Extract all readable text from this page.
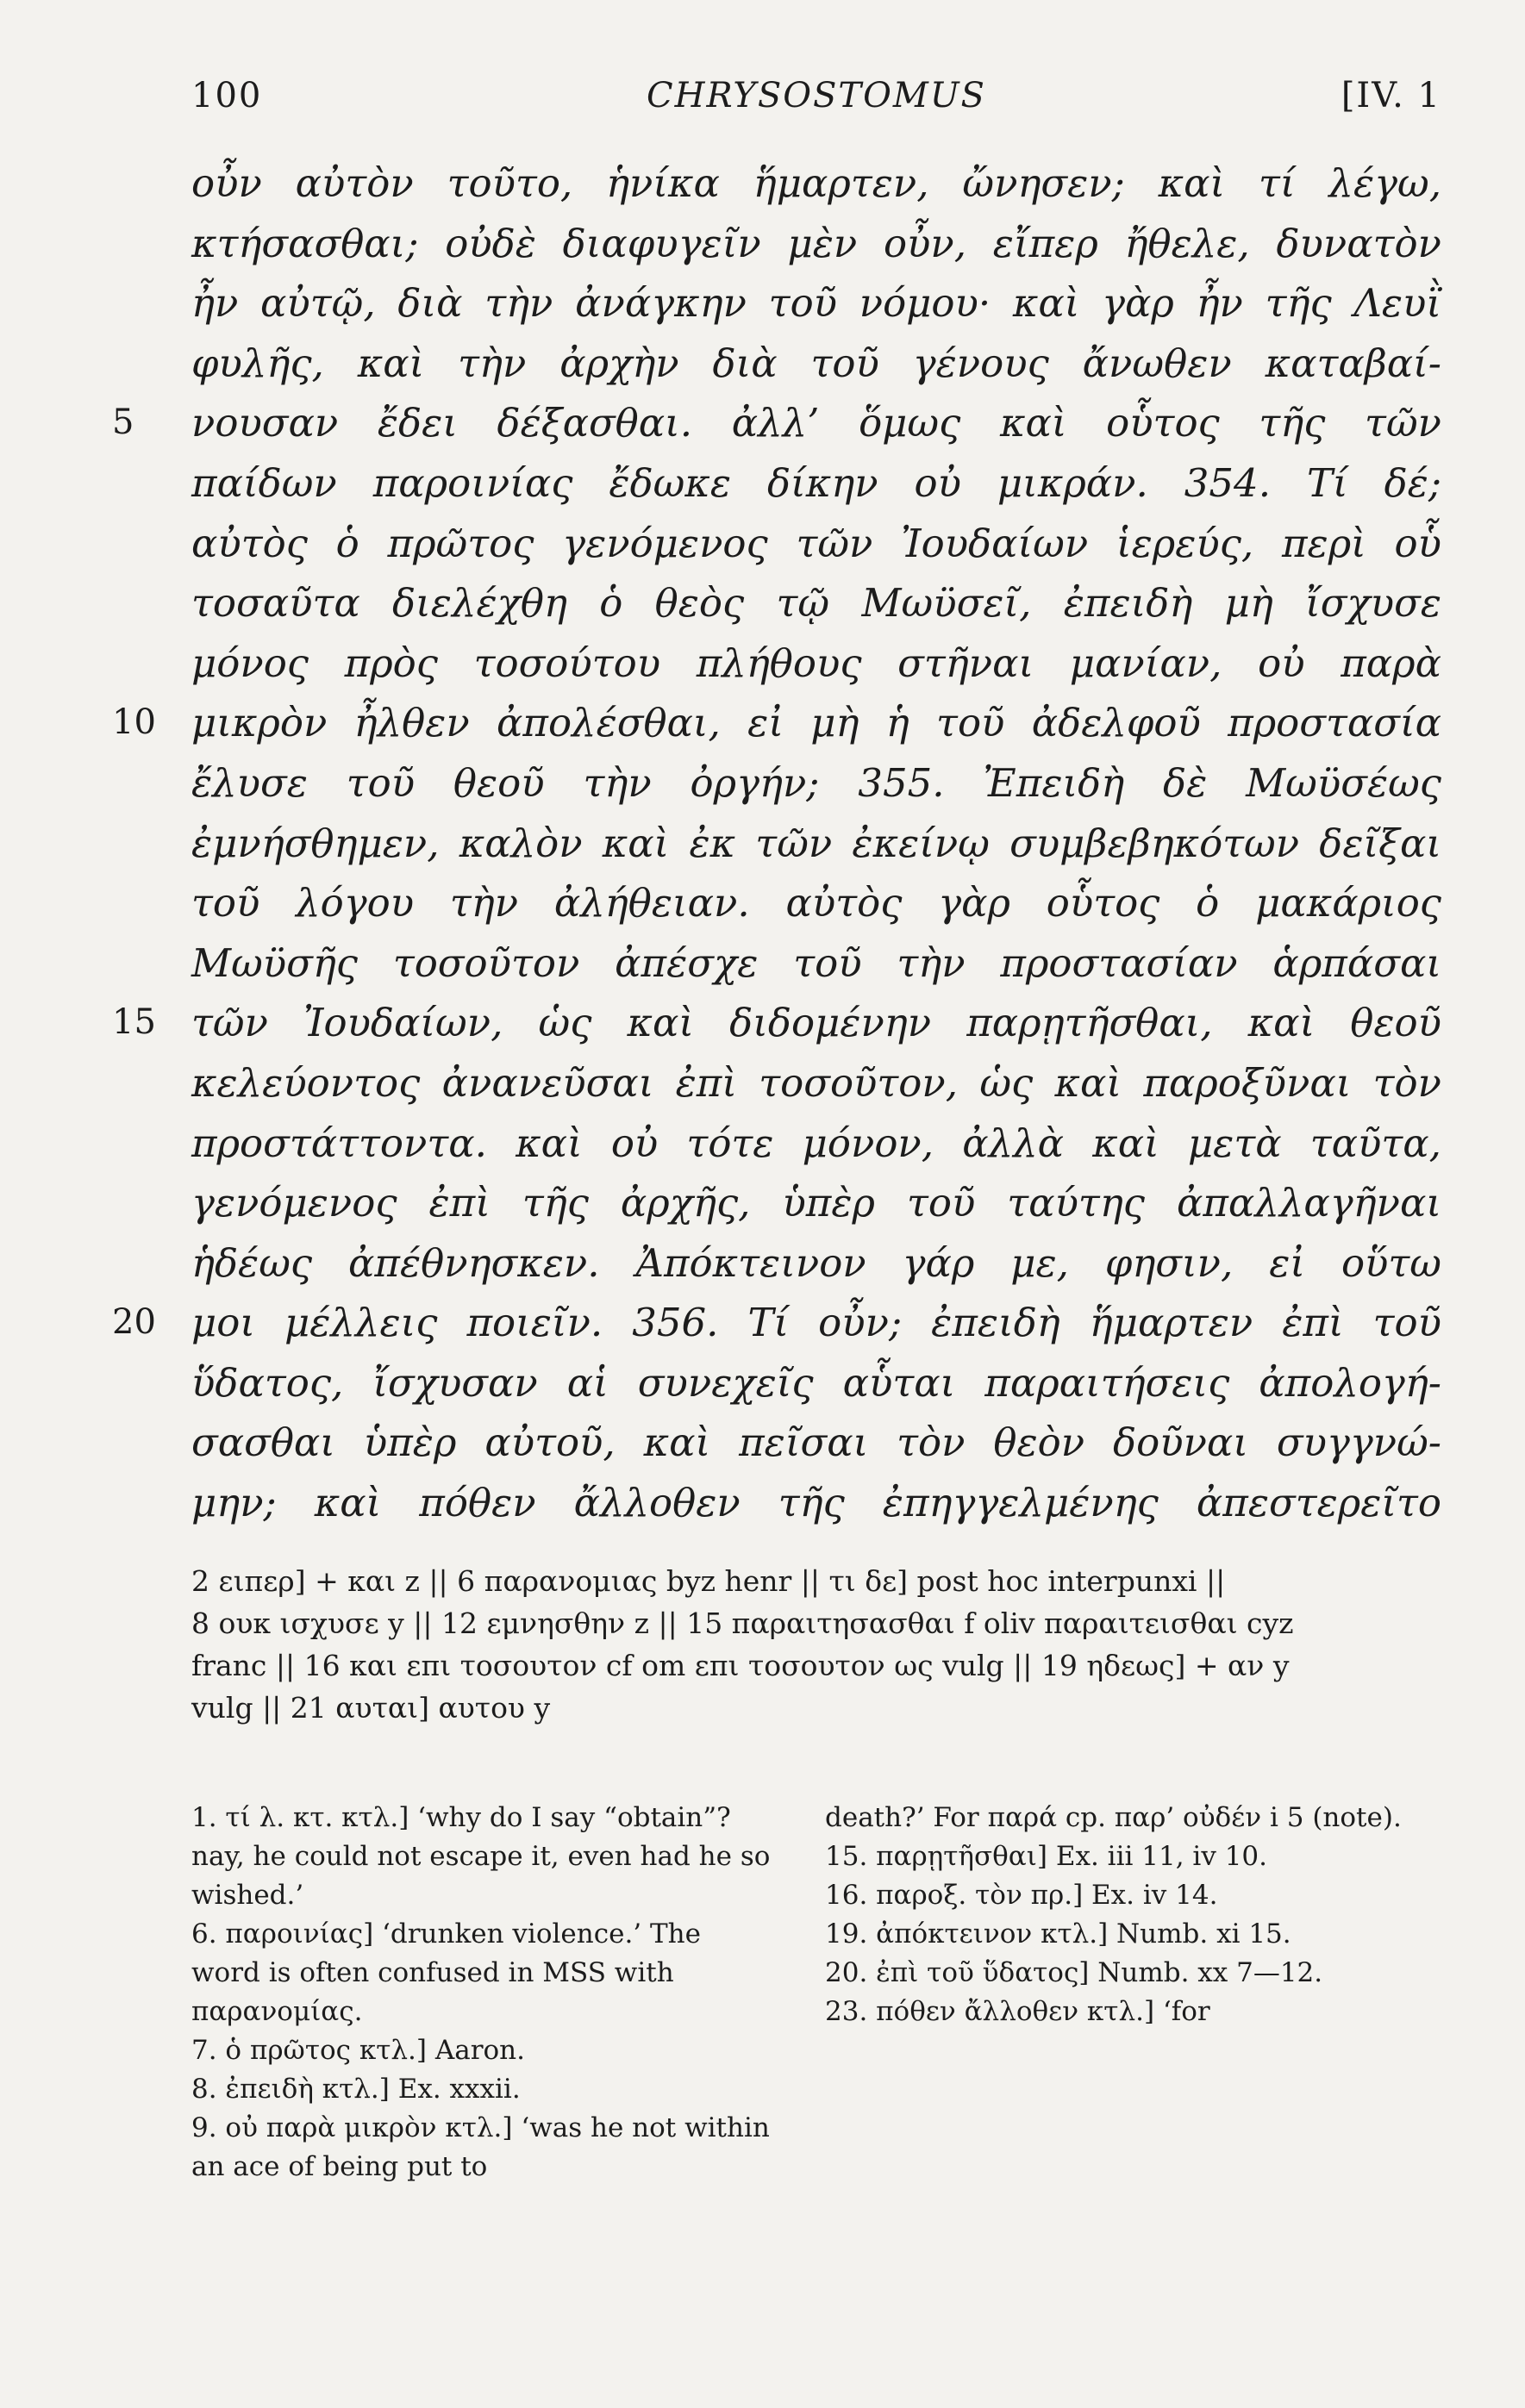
CHRYSOSTOMUS
100	[IV. 1
οὖν αὐτὸν τοῦτο, ἡνίκα ἥμαρτεν, ὤνησεν; καὶ τί λέγω,
κτήσασθαι; οὐδὲ διαφυγεῖν μὲν οὖν, εἴπερ ἤθελε, δυνατὸν
ἦν αὐτῷ, διὰ τὴν ἀνάγκην τοῦ νόμου· καὶ γὰρ ἦν τῆς Λευῒ
φυλῆς, καὶ τὴν ἀρχὴν διὰ τοῦ γένους ἄνωθεν καταβαί-
5	νουσαν ἔδει δέξασθαι. ἀλλ’ ὅμως καὶ οὗτος τῆς τῶν
παίδων παροινίας ἔδωκε δίκην οὐ μικράν. 354. Τί δέ;
αὐτὸς ὁ πρῶτος γενόμενος τῶν Ἰουδαίων ἱερεύς, περὶ οὗ
τοσαῦτα διελέχθη ὁ θεὸς τῷ Μωϋσεῖ, ἐπειδὴ μὴ ἴσχυσε
μόνος πρὸς τοσούτου πλήθους στῆναι μανίαν, οὐ παρὰ
10 μικρὸν ἦλθεν ἀπολέσθαι, εἰ μὴ ἡ τοῦ ἀδελφοῦ προστασία
ἔλυσε τοῦ θεοῦ τὴν ὀργήν; 355. Ἐπειδὴ δὲ Μωϋσέως
ἐμνήσθημεν, καλὸν καὶ ἐκ τῶν ἐκείνῳ συμβεβηκότων δεῖξαι
τοῦ λόγου τὴν ἀλήθειαν. αὐτὸς γὰρ οὗτος ὁ μακάριος
Μωϋσῆς τοσοῦτον ἀπέσχε τοῦ τὴν προστασίαν ἁρπάσαι
15 τῶν Ἰουδαίων, ὡς καὶ διδομένην παρῃτῆσθαι, καὶ θεοῦ
κελεύοντος ἀνανεῦσαι ἐπὶ τοσοῦτον, ὡς καὶ παροξῦναι τὸν
προστάττοντα. καὶ οὐ τότε μόνον, ἀλλὰ καὶ μετὰ ταῦτα,
γενόμενος ἐπὶ τῆς ἀρχῆς, ὑπὲρ τοῦ ταύτης ἀπαλλαγῆναι
ἡδέως ἀπέθνησκεν. Ἀπόκτεινον γάρ με, φησιν, εἰ οὕτω
20 μοι μέλλεις ποιεῖν. 356. Τί οὖν; ἐπειδὴ ἥμαρτεν ἐπὶ τοῦ
ὕδατος, ἴσχυσαν αἱ συνεχεῖς αὗται παραιτήσεις ἀπολογή-
σασθαι ὑπὲρ αὐτοῦ, καὶ πεῖσαι τὸν θεὸν δοῦναι συγγνώ-
μην; καὶ πόθεν ἄλλοθεν τῆς ἐπηγγελμένης ἀπεστερεῖτο

2 ειπερ] + και z || 6 παρανομιας byz henr || τι δε] post hoc interpunxi ||

8 ουκ ισχυσε y || 12 εμνησθην z || 15 παραιτησασθαι f oliv παραιτεισθαι cyz

franc || 16 και επι τοσουτον cf om επι τοσουτον ως vulg || 19 ηδεως] + αν y

vulg || 21 αυται] αυτου y

1. τί λ. κτ. κτλ.] ‘why do I say “obtain”? nay, he could not escape it, even had he so wished.’

6. παροινίας] ‘drunken violence.’ The word is often confused in MSS with παρανομίας.

7. ὁ πρῶτος κτλ.] Aaron.

8. ἐπειδὴ κτλ.] Ex. xxxii.

9. οὐ παρὰ μικρὸν κτλ.] ‘was he not within an ace of being put to

death?’ For παρά cp. παρ’ οὐδέν i 5 (note).

15. παρῃτῆσθαι] Ex. iii 11, iv 10.

16. παροξ. τὸν πρ.] Ex. iv 14.

19. ἀπόκτεινον κτλ.] Numb. xi 15.

20. ἐπὶ τοῦ ὕδατος] Numb. xx 7—12.

23. πόθεν ἄλλοθεν κτλ.] ‘for
